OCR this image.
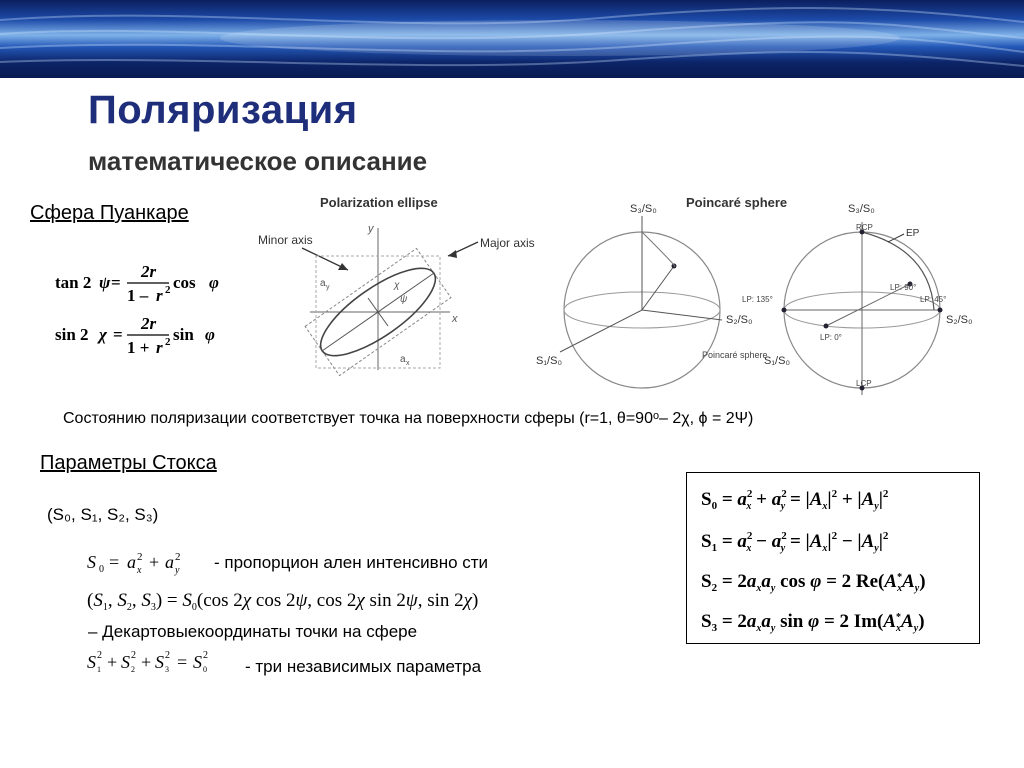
Поляризация
математическое описание
Сфера Пуанкаре
tan 2 ψ =
2r
1 – r 2 cos φ
sin 2 χ =
2r
1 + r 2 sin φ
Polarization ellipse
Minor axis	Major axis
x
y
a y
a x
χ
ψ
Poincaré sphere
S₃/S₀
S₂/S₀
S₁/S₀	Poincaré sphere
S₃/S₀
S₂/S₀
S₁/S₀
RCP
LCP
EP
LP: 90°
LP: 135°	LP: 45°
LP: 0°
Состоянию поляризации соответствует точка на поверхности сферы (r=1, θ=90ᵒ– 2χ, ϕ = 2Ψ)
Параметры Стокса
(S₀, S₁, S₂, S₃)
S 0 = a 2
x + a 2
y
S 2
1 + S 2
2 + S 2
3 = S 2
0
- пропорцион ален интенсивно сти
($S_1$, $S_2$, $S_3) = S_0(\cos$ 2χ cos 2ψ, cos 2χ sin 2ψ, sin 2χ)
– Декартовыекоординаты точки на сфере
- три независимых параметра
$S_0 = a^2$ $x + a^2$ $y = |A_x|^2 + |A_y|^2$
$S_1 = a^2$ $x - a^2$ $y = |A_x|^2 - |A_y|^2$
$S_2 = 2a_xa_y$ cos φ = 2 Re(A* $xA_y$)
$S_3 = 2a_xa_y$ sin φ = 2 Im(A* $xA_y$)
